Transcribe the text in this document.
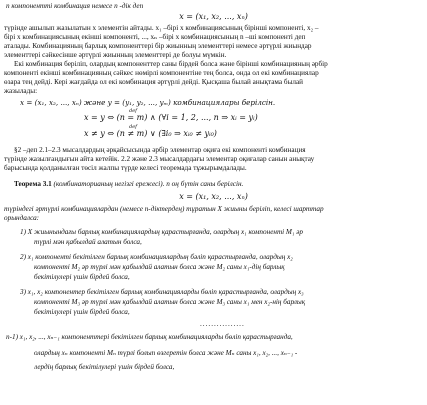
n компоненттi комбинация немесе n -дiк деп
x = (x₁, x₂, ..., xₙ)
түрiнде ашылып жазылатын x элементiн айтады. x₁ –бiрi x комбинациясының бiрiншi компонентi, x₂ –
бiрi x комбинациясының екiншi компонентi, ..., xₙ –бiрi x комбинациясының n –шi компонентi деп
аталады. Комбинацияның барлық компоненттерi бiр жиынның элементтерi немесе әртүрлi жиындар
элементтерi сәйкесiнше әртүрлi жиынның элементтерi де болуы мүмкiн.
Екi комбинация берiлiп, олардың компоненттер саны бiрдей болса және бiрiншi комбинацияның әрбiр
компонентi екiншi комбинацияның сәйкес нөмiрлi компонентiне тең болса, онда ол екi комбинациялар
өзара тең дейдi. Керi жағдайда ол екi комбинация әртүрлi дейдi. Қысқаша былай анықтама былай
жазылады:
x = (x₁, x₂, ..., xₙ) және y = (y₁, y₂, ..., yₘ) комбинациялары берiлсiн.
def
x = y ⇔ (n = m) ∧ (∀i = 1, 2, ..., n ⇒ xᵢ = yᵢ)
def
x ≠ y ⇔ (n ≠ m) ∨ (∃i₀ ⇒ xᵢ₀ ≠ yᵢ₀)
§2 –деп 2.1–2.3 мысалдардың әрқайсысында әрбiр элементар оқиға екi компонентi комбинация
түрiнде жазылғандығын айта кетейiк. 2.2 және 2.3 мысалдардағы элементар оқиғалар санын анықтау
барысында қолданылған төсiл жалпы түрде келесi теоремада тұжырымдалады.
Теорема 3.1 (комбинаторианың негiзгi ережесi). n оң бүтiн саны берiлсiн.
x = (x₁, x₂, ..., xₙ)
түрiндегi әртүрлi комбинациялардан (немесе n-дiктердең) тұратын X жиыны берiлiп, келесi шарттар
орындалса:
1) X жиынындағы барлық комбинациялардың қарастырғанда, олардың x₁ компонентi M₁ әр
түрлi мән қабылдай алатын болса,
2) x₁ компонентi бекiтiлген барлық комбинациялардың бәлiп қарастырғанда, олардың x₂
компонентi M₂ әр түрлi мән қабылдай алатын болса және M₂ саны x₁-дiң барлық
бекiтiлулерi үшiн бiрдей болса,
3) x₁, x₂ компонентер бекiтiлген барлық комбинацияларды бөлiп қарастырғанда, олардың x₃
компонентi M₃ әр түрлi мән қабылдай алатын болса және M₃ саны x₁ мен x₂-нiң барлық
бекiтiлулерi үшiн бiрдей болса,
................
n-1) x₁, x₂, ..., xₙ₋₁ компоненттерi бекiтiлген барлық комбинацияларды бөлiп қарастырғанда,
олардың xₙ компонентi Mₙ түрлi болып өзгеретiн болса және Mₙ саны x₁, x₂, ..., xₙ₋₁ -
лердiң барлық бекiтiлулерi үшiн бiрдей болса,
